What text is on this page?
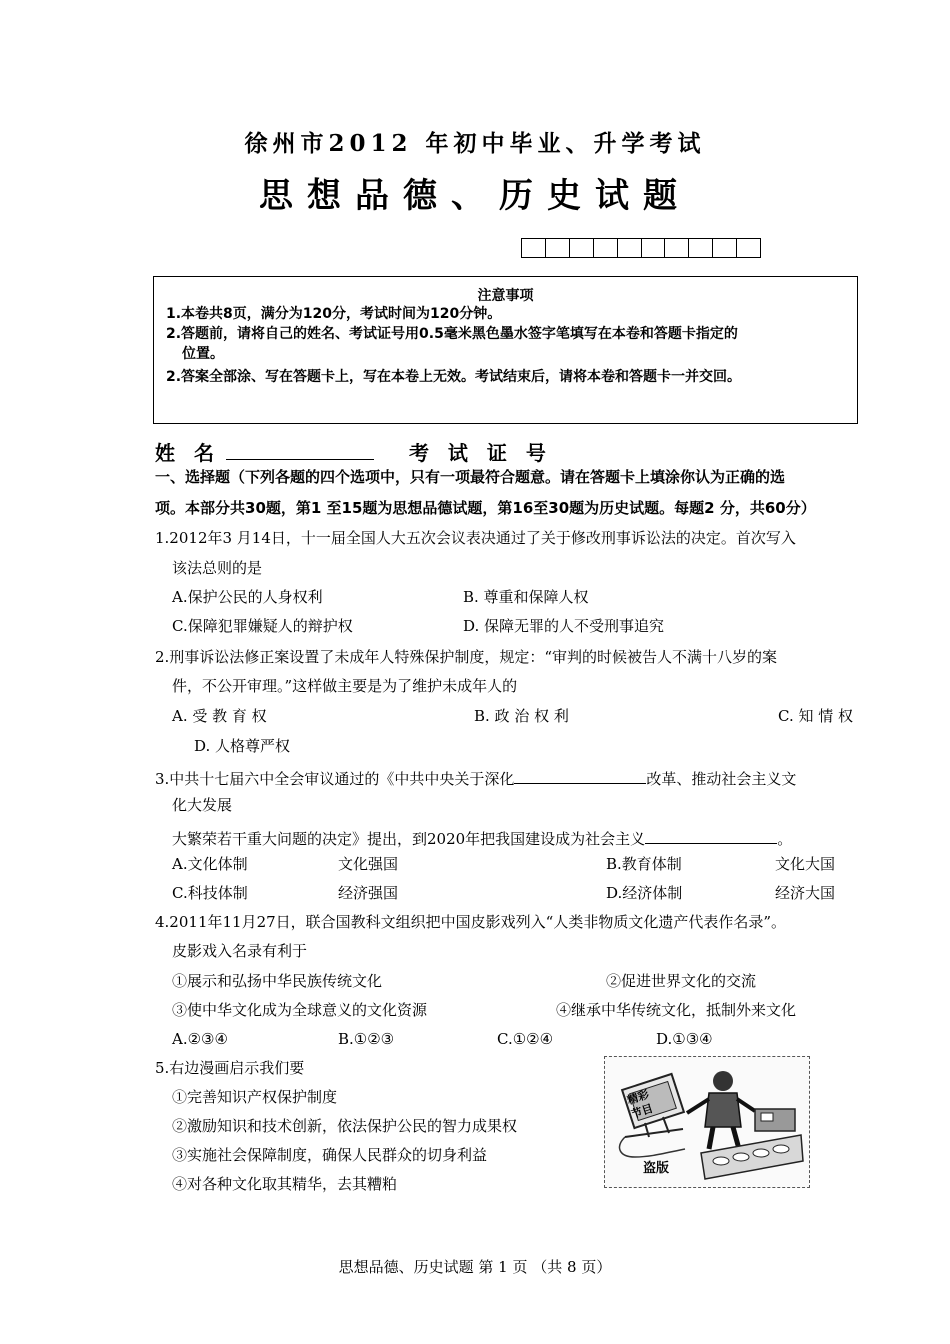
徐州市2012 年初中毕业、升学考试
思想品德、历史试题
注意事项
1.本卷共8页，满分为120分，考试时间为120分钟。
2.答题前，请将自己的姓名、考试证号用0.5毫米黑色墨水签字笔填写在本卷和答题卡指定的
位置。
2.答案全部涂、写在答题卡上，写在本卷上无效。考试结束后，请将本卷和答题卡一并交回。
姓 名	考 试 证 号
一、选择题（下列各题的四个选项中，只有一项最符合题意。请在答题卡上填涂你认为正确的选
项。本部分共30题，第1 至15题为思想品德试题，第16至30题为历史试题。每题2 分，共60分）
1.2012年3 月14日，十一届全国人大五次会议表决通过了关于修改刑事诉讼法的决定。首次写入
该法总则的是
A.保护公民的人身权利	B. 尊重和保障人权
C.保障犯罪嫌疑人的辩护权	D. 保障无罪的人不受刑事追究
2.刑事诉讼法修正案设置了未成年人特殊保护制度，规定：“审判的时候被告人不满十八岁的案
件，不公开审理。”这样做主要是为了维护未成年人的
A. 受 教 育 权	B. 政 治 权 利	C. 知 情 权
D. 人格尊严权
3.中共十七届六中全会审议通过的《中共中央关于深化	改革、推动社会主义文
化大发展
大繁荣若干重大问题的决定》提出，到2020年把我国建设成为社会主义	。
A.文化体制	文化强国	B.教育体制	文化大国
C.科技体制	经济强国	D.经济体制	经济大国
4.2011年11月27日，联合国教科文组织把中国皮影戏列入“人类非物质文化遗产代表作名录”。
皮影戏入名录有利于
①展示和弘扬中华民族传统文化	②促进世界文化的交流
③使中华文化成为全球意义的文化资源	④继承中华传统文化，抵制外来文化
A.②③④	B.①②③	C.①②④	D.①③④
5.右边漫画启示我们要
①完善知识产权保护制度
②激励知识和技术创新，依法保护公民的智力成果权
③实施社会保障制度，确保人民群众的切身利益
④对各种文化取其精华，去其糟粕
精彩
节目
盗版
思想品德、历史试题 第 1 页 （共 8 页）
